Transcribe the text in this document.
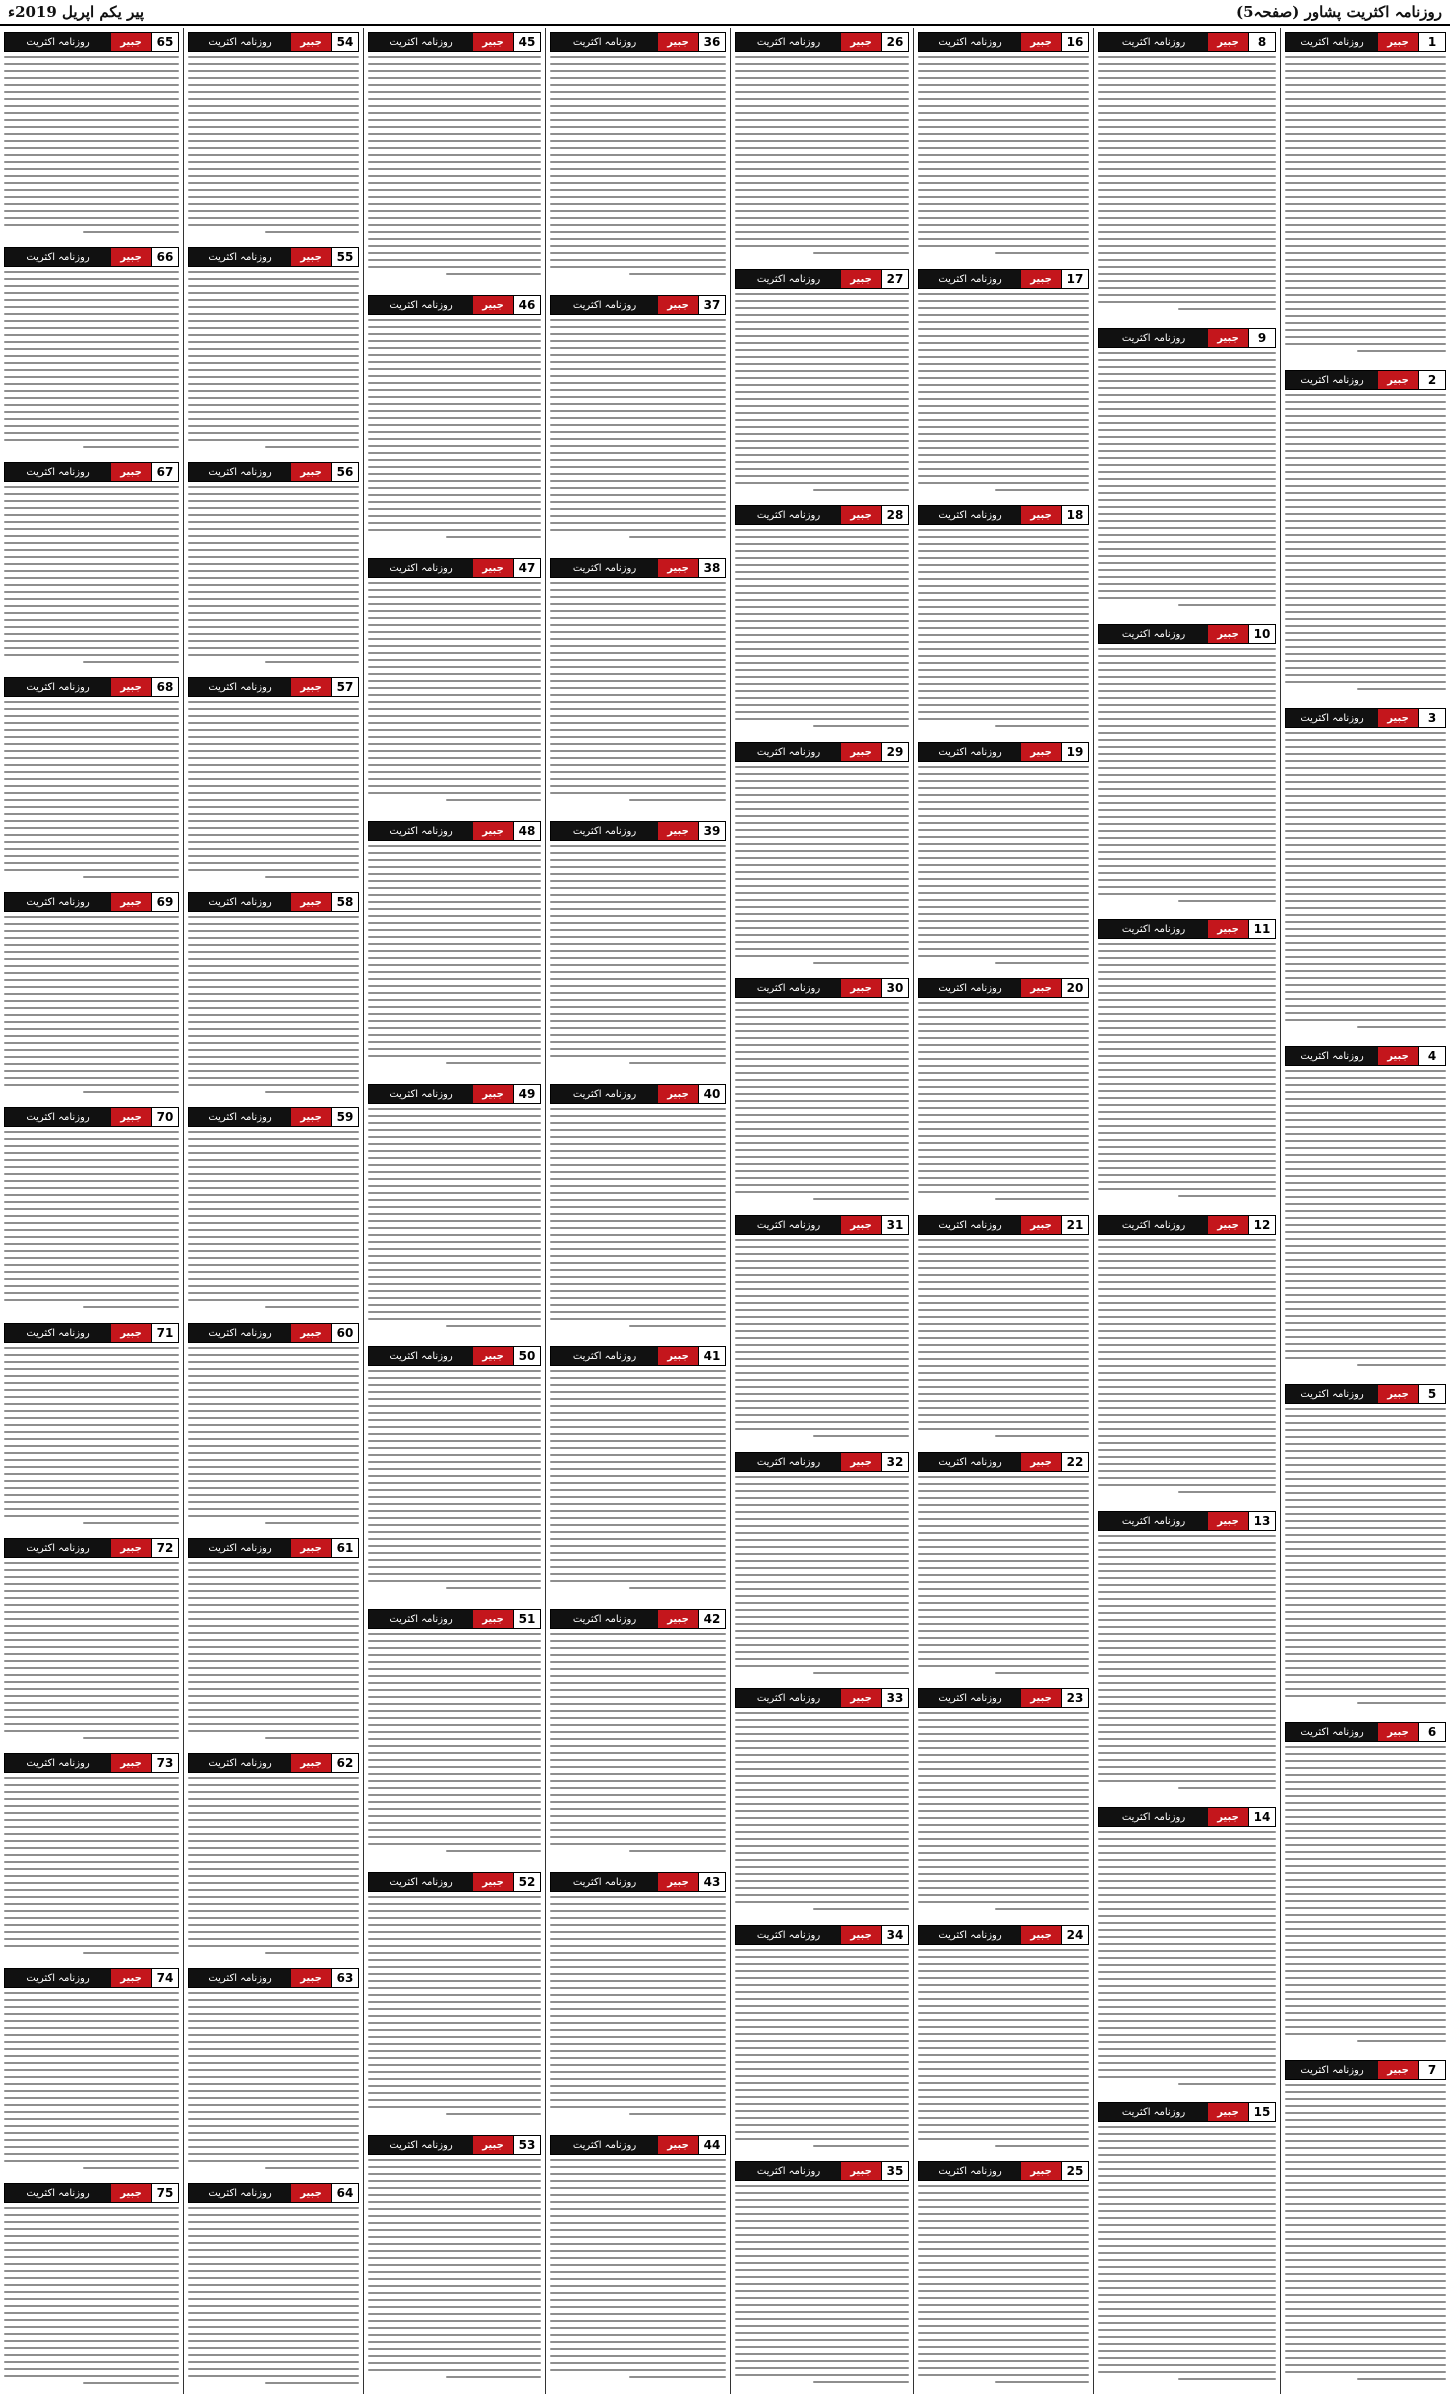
پیر یکم اپریل 2019ء	روزنامہ اکثریت پشاور (صفحہ5)
65
جبیر
روزنامہ اکثریت
66
جبیر
روزنامہ اکثریت
67
جبیر
روزنامہ اکثریت
68
جبیر
روزنامہ اکثریت
69
جبیر
روزنامہ اکثریت
70
جبیر
روزنامہ اکثریت
71
جبیر
روزنامہ اکثریت
72
جبیر
روزنامہ اکثریت
73
جبیر
روزنامہ اکثریت
74
جبیر
روزنامہ اکثریت
75
جبیر
روزنامہ اکثریت
54
جبیر
روزنامہ اکثریت
55
جبیر
روزنامہ اکثریت
56
جبیر
روزنامہ اکثریت
57
جبیر
روزنامہ اکثریت
58
جبیر
روزنامہ اکثریت
59
جبیر
روزنامہ اکثریت
60
جبیر
روزنامہ اکثریت
61
جبیر
روزنامہ اکثریت
62
جبیر
روزنامہ اکثریت
63
جبیر
روزنامہ اکثریت
64
جبیر
روزنامہ اکثریت
45
جبیر
روزنامہ اکثریت
46
جبیر
روزنامہ اکثریت
47
جبیر
روزنامہ اکثریت
48
جبیر
روزنامہ اکثریت
49
جبیر
روزنامہ اکثریت
50
جبیر
روزنامہ اکثریت
51
جبیر
روزنامہ اکثریت
52
جبیر
روزنامہ اکثریت
53
جبیر
روزنامہ اکثریت
36
جبیر
روزنامہ اکثریت
37
جبیر
روزنامہ اکثریت
38
جبیر
روزنامہ اکثریت
39
جبیر
روزنامہ اکثریت
40
جبیر
روزنامہ اکثریت
41
جبیر
روزنامہ اکثریت
42
جبیر
روزنامہ اکثریت
43
جبیر
روزنامہ اکثریت
44
جبیر
روزنامہ اکثریت
26
جبیر
روزنامہ اکثریت
27
جبیر
روزنامہ اکثریت
28
جبیر
روزنامہ اکثریت
29
جبیر
روزنامہ اکثریت
30
جبیر
روزنامہ اکثریت
31
جبیر
روزنامہ اکثریت
32
جبیر
روزنامہ اکثریت
33
جبیر
روزنامہ اکثریت
34
جبیر
روزنامہ اکثریت
35
جبیر
روزنامہ اکثریت
16
جبیر
روزنامہ اکثریت
17
جبیر
روزنامہ اکثریت
18
جبیر
روزنامہ اکثریت
19
جبیر
روزنامہ اکثریت
20
جبیر
روزنامہ اکثریت
21
جبیر
روزنامہ اکثریت
22
جبیر
روزنامہ اکثریت
23
جبیر
روزنامہ اکثریت
24
جبیر
روزنامہ اکثریت
25
جبیر
روزنامہ اکثریت
8
جبیر
روزنامہ اکثریت
9
جبیر
روزنامہ اکثریت
10
جبیر
روزنامہ اکثریت
11
جبیر
روزنامہ اکثریت
12
جبیر
روزنامہ اکثریت
13
جبیر
روزنامہ اکثریت
14
جبیر
روزنامہ اکثریت
15
جبیر
روزنامہ اکثریت
1
جبیر
روزنامہ اکثریت
2
جبیر
روزنامہ اکثریت
3
جبیر
روزنامہ اکثریت
4
جبیر
روزنامہ اکثریت
5
جبیر
روزنامہ اکثریت
6
جبیر
روزنامہ اکثریت
7
جبیر
روزنامہ اکثریت
